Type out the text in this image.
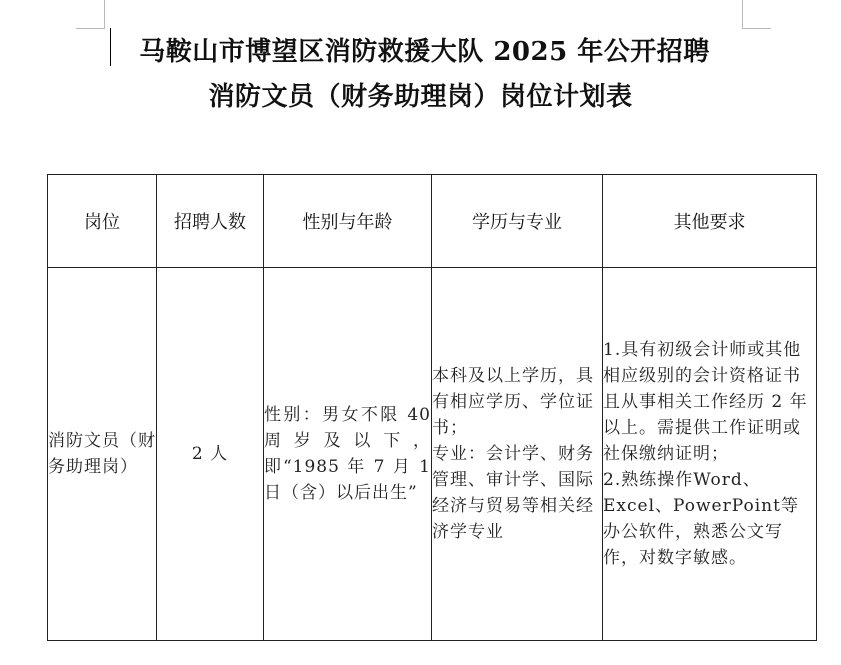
马鞍山市博望区消防救援大队 2025 年公开招聘
消防文员（财务助理岗）岗位计划表
岗位	招聘人数	性别与年龄	学历与专业	其他要求
消防文员（财务助理岗）	2 人	性别：男女不限 40 周岁及以下，即“1985 年 7 月 1 日（含）以后出生”	本科及以上学历，具有相应学历、学位证书；
专业：会计学、财务管理、审计学、国际经济与贸易等相关经济学专业	1.具有初级会计师或其他相应级别的会计资格证书且从事相关工作经历 2 年以上。需提供工作证明或社保缴纳证明；
2.熟练操作Word、Excel、PowerPoint等办公软件，熟悉公文写作，对数字敏感。
